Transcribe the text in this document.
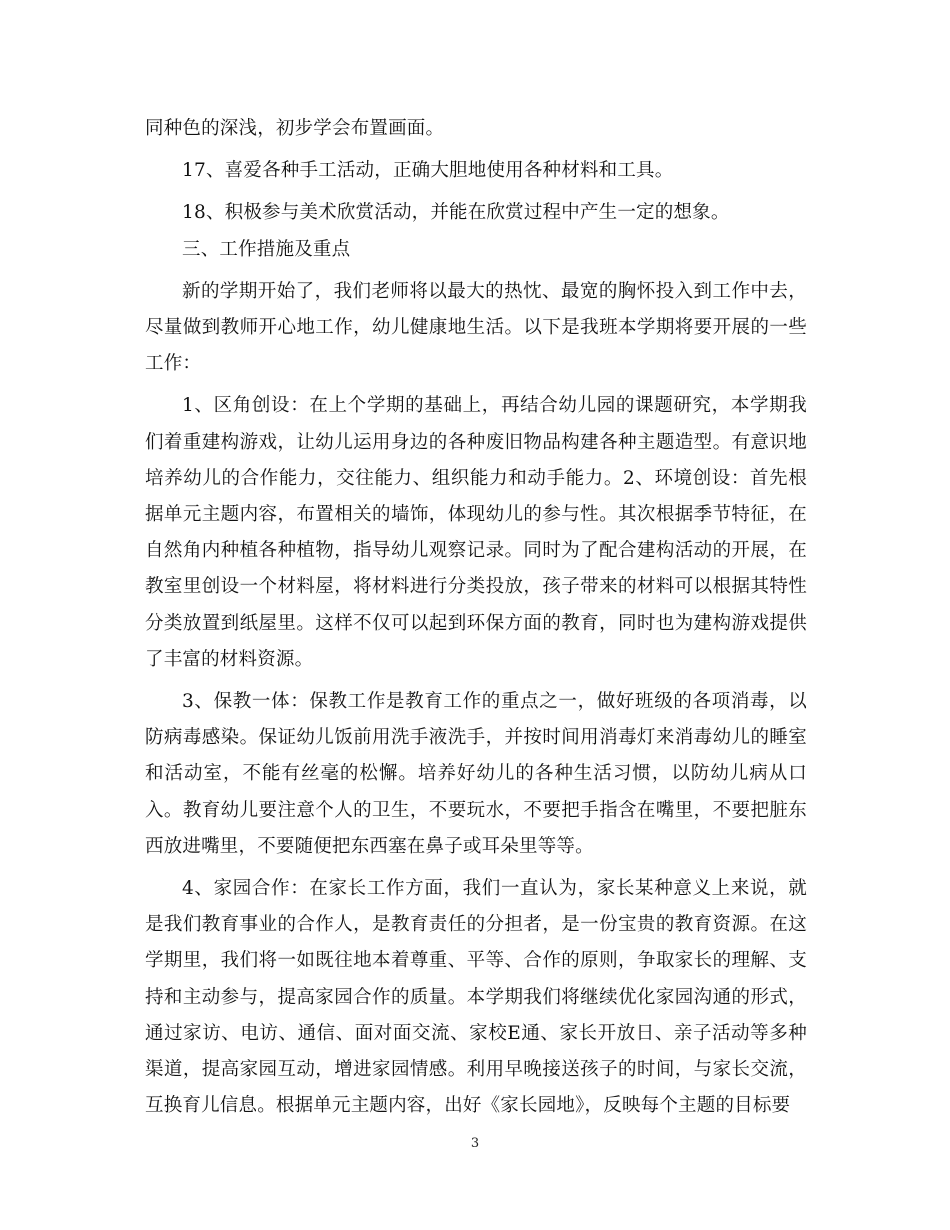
同种色的深浅，初步学会布置画面。

17、喜爱各种手工活动，正确大胆地使用各种材料和工具。

18、积极参与美术欣赏活动，并能在欣赏过程中产生一定的想象。

三、工作措施及重点

新的学期开始了，我们老师将以最大的热忱、最宽的胸怀投入到工作中去，尽量做到教师开心地工作，幼儿健康地生活。以下是我班本学期将要开展的一些工作：

1、区角创设：在上个学期的基础上，再结合幼儿园的课题研究，本学期我们着重建构游戏，让幼儿运用身边的各种废旧物品构建各种主题造型。有意识地培养幼儿的合作能力，交往能力、组织能力和动手能力。2、环境创设：首先根据单元主题内容，布置相关的墙饰，体现幼儿的参与性。其次根据季节特征，在自然角内种植各种植物，指导幼儿观察记录。同时为了配合建构活动的开展，在教室里创设一个材料屋，将材料进行分类投放，孩子带来的材料可以根据其特性分类放置到纸屋里。这样不仅可以起到环保方面的教育，同时也为建构游戏提供了丰富的材料资源。

3、保教一体：保教工作是教育工作的重点之一，做好班级的各项消毒，以防病毒感染。保证幼儿饭前用洗手液洗手，并按时间用消毒灯来消毒幼儿的睡室和活动室，不能有丝毫的松懈。培养好幼儿的各种生活习惯，以防幼儿病从口入。教育幼儿要注意个人的卫生，不要玩水，不要把手指含在嘴里，不要把脏东西放进嘴里，不要随便把东西塞在鼻子或耳朵里等等。

4、家园合作：在家长工作方面，我们一直认为，家长某种意义上来说，就是我们教育事业的合作人，是教育责任的分担者，是一份宝贵的教育资源。在这学期里，我们将一如既往地本着尊重、平等、合作的原则，争取家长的理解、支持和主动参与，提高家园合作的质量。本学期我们将继续优化家园沟通的形式，通过家访、电访、通信、面对面交流、家校E通、家长开放日、亲子活动等多种渠道，提高家园互动，增进家园情感。利用早晚接送孩子的时间，与家长交流，互换育儿信息。根据单元主题内容，出好《家长园地》，反映每个主题的目标要

3
